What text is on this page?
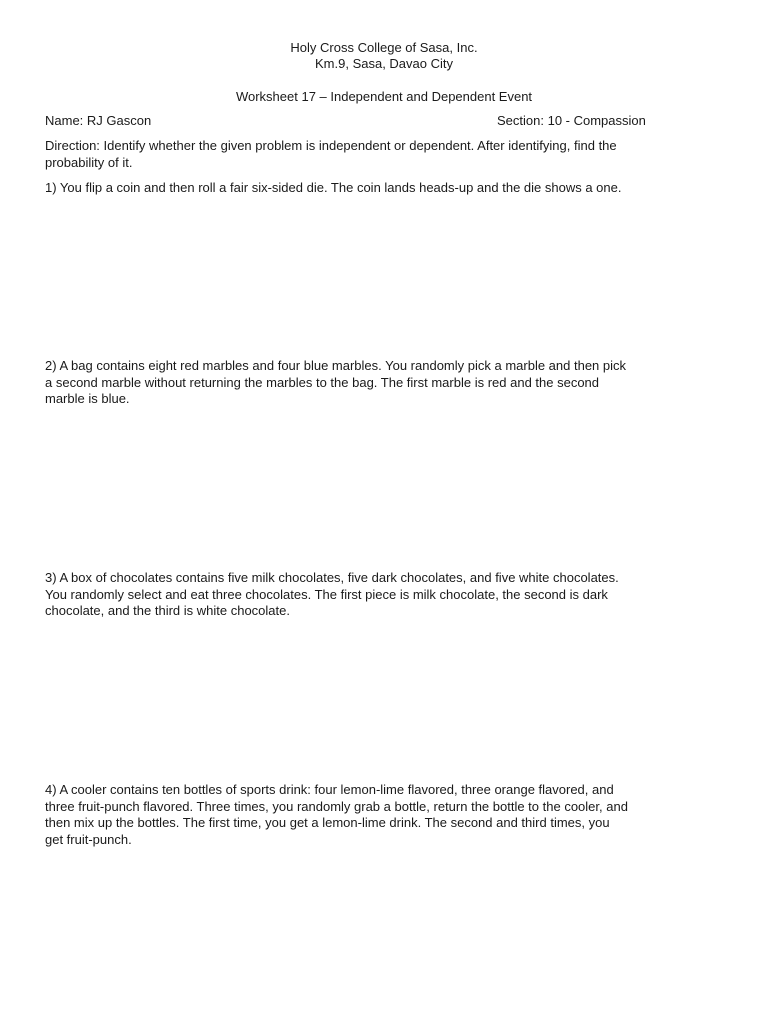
Holy Cross College of Sasa, Inc.
Km.9, Sasa, Davao City
Worksheet 17 – Independent and Dependent Event
Name: RJ Gascon	Section: 10 - Compassion
Direction: Identify whether the given problem is independent or dependent. After identifying, find the
probability of it.
1) You flip a coin and then roll a fair six-sided die. The coin lands heads-up and the die shows a one.
2) A bag contains eight red marbles and four blue marbles. You randomly pick a marble and then pick
a second marble without returning the marbles to the bag. The first marble is red and the second
marble is blue.
3) A box of chocolates contains five milk chocolates, five dark chocolates, and five white chocolates.
You randomly select and eat three chocolates. The first piece is milk chocolate, the second is dark
chocolate, and the third is white chocolate.
4) A cooler contains ten bottles of sports drink: four lemon-lime flavored, three orange flavored, and
three fruit-punch flavored. Three times, you randomly grab a bottle, return the bottle to the cooler, and
then mix up the bottles. The first time, you get a lemon-lime drink. The second and third times, you
get fruit-punch.
